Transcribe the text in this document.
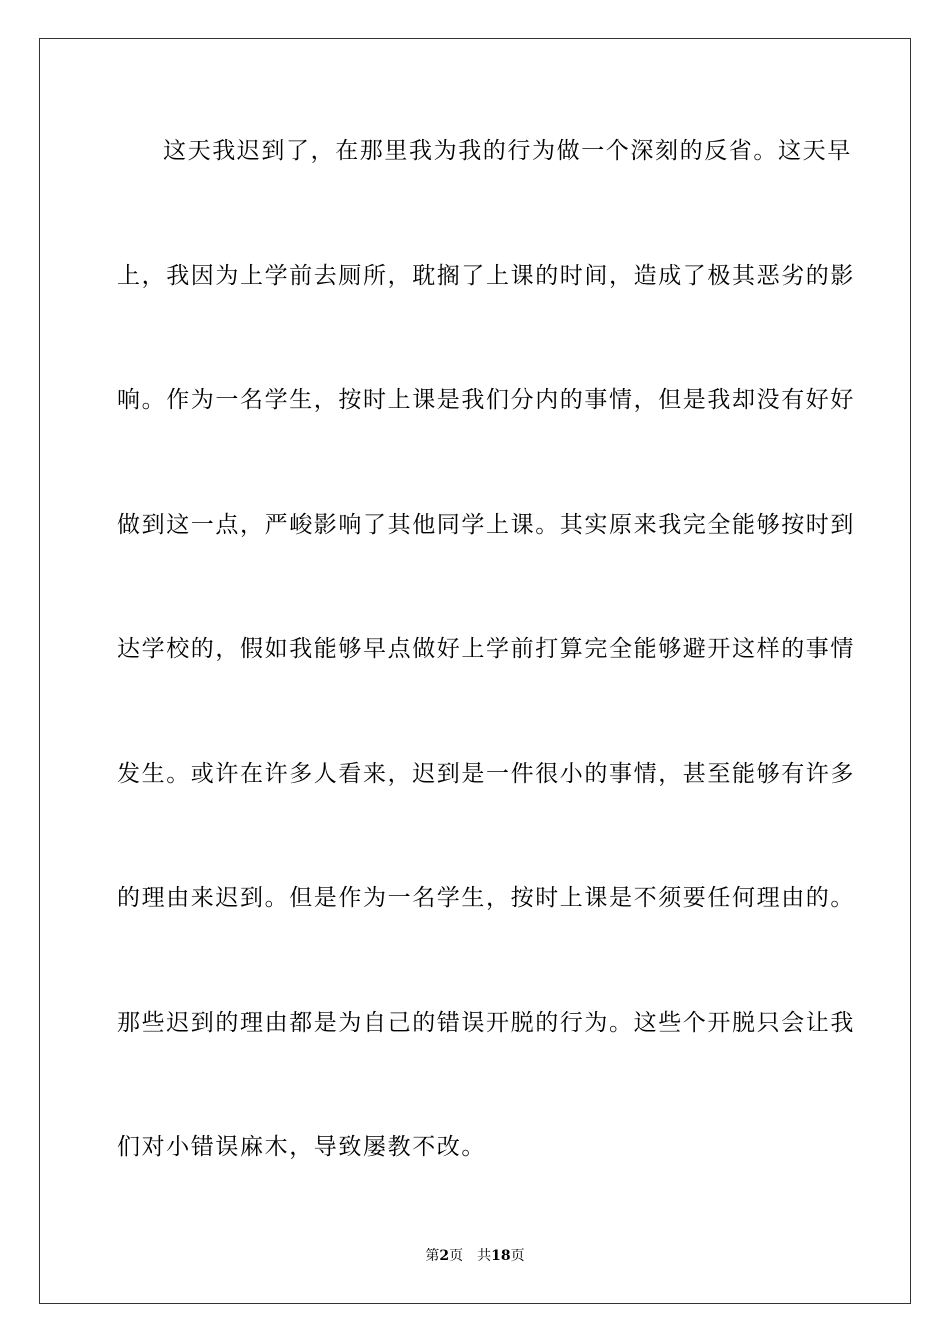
这天我迟到了，在那里我为我的行为做一个深刻的反省。这天早
上，我因为上学前去厕所，耽搁了上课的时间，造成了极其恶劣的影
响。作为一名学生，按时上课是我们分内的事情，但是我却没有好好
做到这一点，严峻影响了其他同学上课。其实原来我完全能够按时到
达学校的，假如我能够早点做好上学前打算完全能够避开这样的事情
发生。或许在许多人看来，迟到是一件很小的事情，甚至能够有许多
的理由来迟到。但是作为一名学生，按时上课是不须要任何理由的。
那些迟到的理由都是为自己的错误开脱的行为。这些个开脱只会让我
们对小错误麻木，导致屡教不改。
第2页 共18页
